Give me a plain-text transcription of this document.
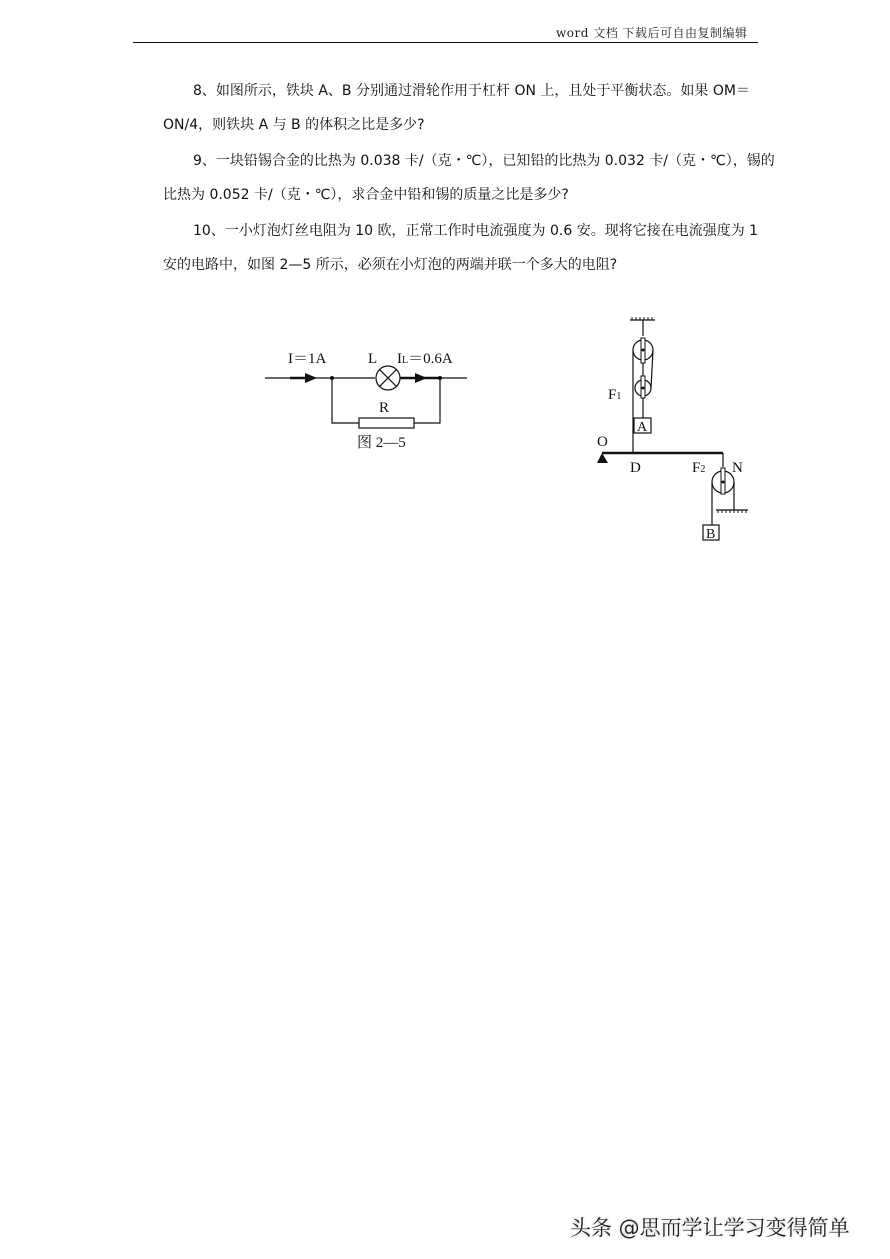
word 文档 下载后可自由复制编辑
8、如图所示，铁块 A、B 分别通过滑轮作用于杠杆 ON 上，且处于平衡状态。如果 OM＝
ON/4，则铁块 A 与 B 的体积之比是多少?
9、一块铅锡合金的比热为 0.038 卡/（克・℃），已知铅的比热为 0.032 卡/（克・℃），锡的
比热为 0.052 卡/（克・℃），求合金中铅和锡的质量之比是多少?
10、一小灯泡灯丝电阻为 10 欧，正常工作时电流强度为 0.6 安。现将它接在电流强度为 1
安的电路中，如图 2—5 所示，必须在小灯泡的两端并联一个多大的电阻?
I＝1A	L IL＝0.6A
R
图 2—5
A
O
D
F1
F2 N
B
头条 @思而学让学习变得简单
